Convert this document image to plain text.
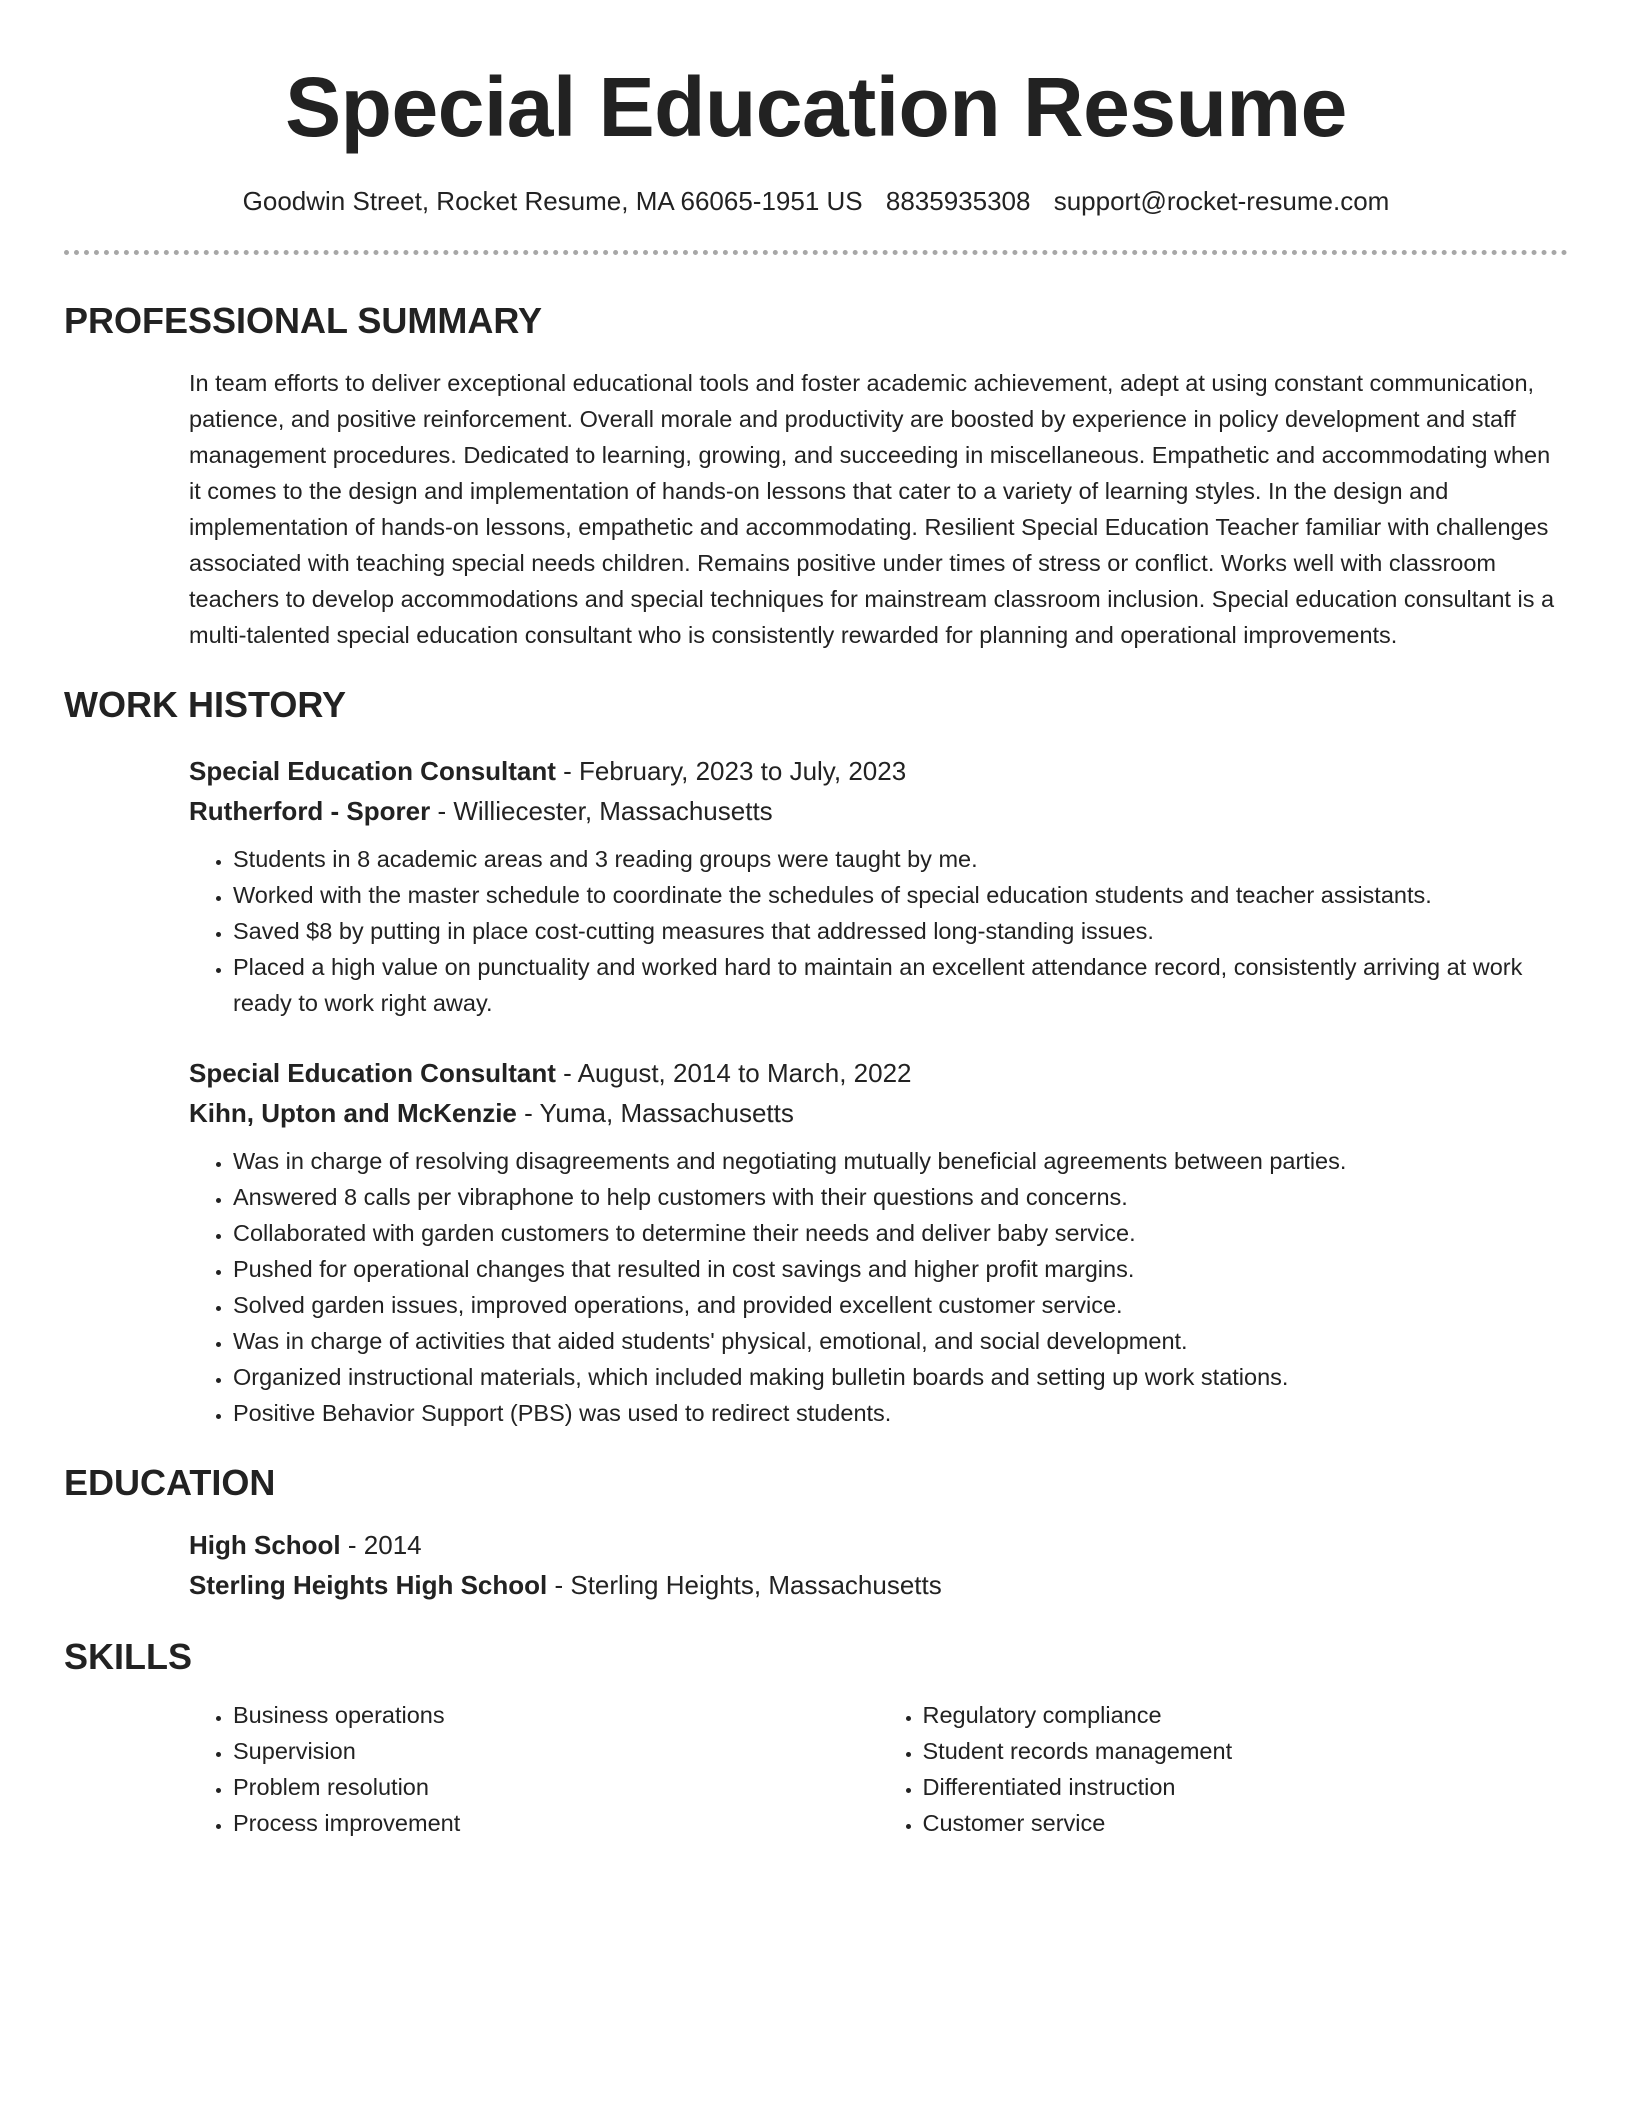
Special Education Resume
Goodwin Street, Rocket Resume, MA 66065-1951 US 8835935308 support@rocket-resume.com
PROFESSIONAL SUMMARY

In team efforts to deliver exceptional educational tools and foster academic achievement, adept at using constant communication, patience, and positive reinforcement. Overall morale and productivity are boosted by experience in policy development and staff management procedures. Dedicated to learning, growing, and succeeding in miscellaneous. Empathetic and accommodating when it comes to the design and implementation of hands-on lessons that cater to a variety of learning styles. In the design and implementation of hands-on lessons, empathetic and accommodating. Resilient Special Education Teacher familiar with challenges associated with teaching special needs children. Remains positive under times of stress or conflict. Works well with classroom teachers to develop accommodations and special techniques for mainstream classroom inclusion. Special education consultant is a multi-talented special education consultant who is consistently rewarded for planning and operational improvements.

WORK HISTORY
Special Education Consultant - February, 2023 to July, 2023
Rutherford - Sporer - Williecester, Massachusetts
• Students in 8 academic areas and 3 reading groups were taught by me.
• Worked with the master schedule to coordinate the schedules of special education students and teacher assistants.
• Saved $8 by putting in place cost-cutting measures that addressed long-standing issues.
• Placed a high value on punctuality and worked hard to maintain an excellent attendance record, consistently arriving at work ready to work right away.
Special Education Consultant - August, 2014 to March, 2022
Kihn, Upton and McKenzie - Yuma, Massachusetts
• Was in charge of resolving disagreements and negotiating mutually beneficial agreements between parties.
• Answered 8 calls per vibraphone to help customers with their questions and concerns.
• Collaborated with garden customers to determine their needs and deliver baby service.
• Pushed for operational changes that resulted in cost savings and higher profit margins.
• Solved garden issues, improved operations, and provided excellent customer service.
• Was in charge of activities that aided students' physical, emotional, and social development.
• Organized instructional materials, which included making bulletin boards and setting up work stations.
• Positive Behavior Support (PBS) was used to redirect students.
EDUCATION
High School - 2014
Sterling Heights High School - Sterling Heights, Massachusetts
SKILLS
• Business operations
• Supervision
• Problem resolution
• Process improvement
• Regulatory compliance
• Student records management
• Differentiated instruction
• Customer service
